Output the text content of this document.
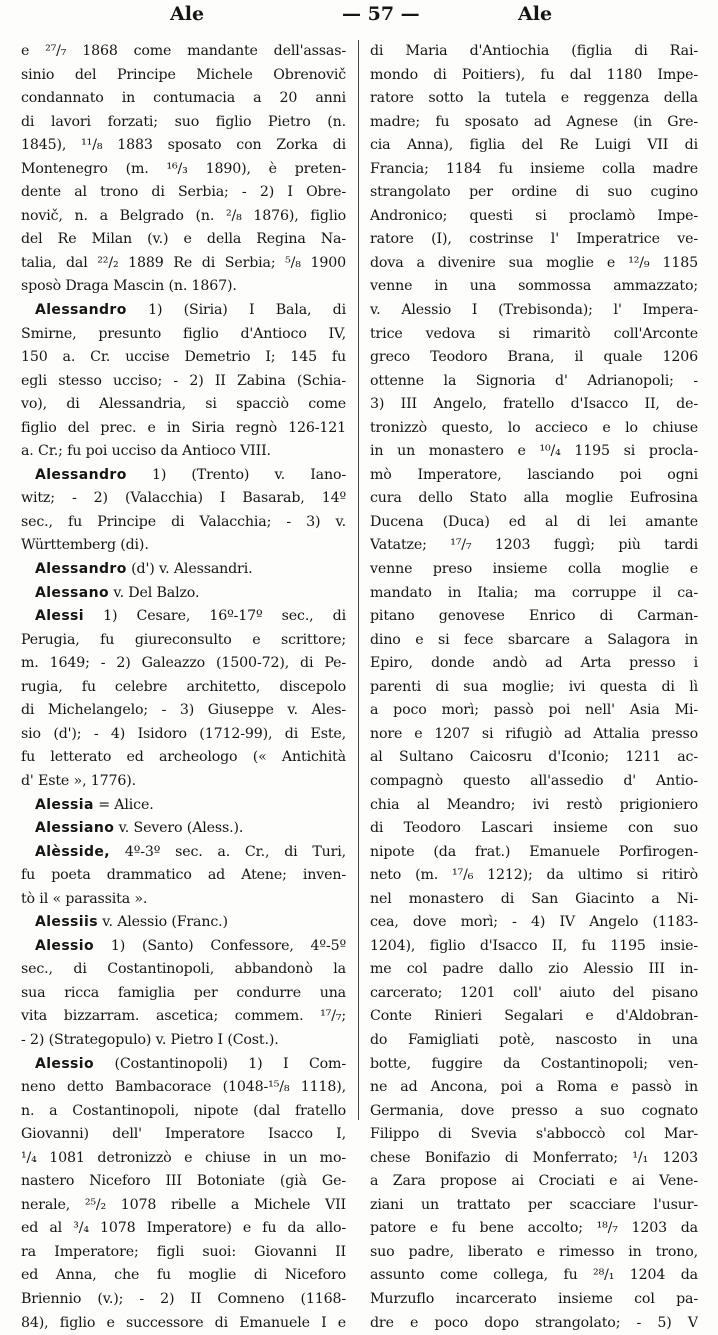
Ale	— 57 —	Ale
e ²⁷/₇ 1868 come mandante dell'assas-
sinio del Principe Michele Obrenovič
condannato in contumacia a 20 anni
di lavori forzati; suo figlio Pietro (n.
1845), ¹¹/₈ 1883 sposato con Zorka di
Montenegro (m. ¹⁶/₃ 1890), è preten-
dente al trono di Serbia; - 2) I Obre-
novič, n. a Belgrado (n. ²/₈ 1876), figlio
del Re Milan (v.) e della Regina Na-
talia, dal ²²/₂ 1889 Re di Serbia; ⁵/₈ 1900
sposò Draga Mascin (n. 1867).
Alessandro 1) (Siria) I Bala, di
Smirne, presunto figlio d'Antioco IV,
150 a. Cr. uccise Demetrio I; 145 fu
egli stesso ucciso; - 2) II Zabina (Schia-
vo), di Alessandria, si spacciò come
figlio del prec. e in Siria regnò 126-121
a. Cr.; fu poi ucciso da Antioco VIII.
Alessandro 1) (Trento) v. Iano-
witz; - 2) (Valacchia) I Basarab, 14º
sec., fu Principe di Valacchia; - 3) v.
Württemberg (di).
Alessandro (d') v. Alessandri.
Alessano v. Del Balzo.
Alessi 1) Cesare, 16º-17º sec., di
Perugia, fu giureconsulto e scrittore;
m. 1649; - 2) Galeazzo (1500-72), di Pe-
rugia, fu celebre architetto, discepolo
di Michelangelo; - 3) Giuseppe v. Ales-
sio (d'); - 4) Isidoro (1712-99), di Este,
fu letterato ed archeologo (« Antichità
d' Este », 1776).
Alessia = Alice.
Alessiano v. Severo (Aless.).
Alèsside, 4º-3º sec. a. Cr., di Turi,
fu poeta drammatico ad Atene; inven-
tò il « parassita ».
Alessiis v. Alessio (Franc.)
Alessio 1) (Santo) Confessore, 4º-5º
sec., di Costantinopoli, abbandonò la
sua ricca famiglia per condurre una
vita bizzarram. ascetica; commem. ¹⁷/₇;
- 2) (Strategopulo) v. Pietro I (Cost.).
Alessio (Costantinopoli) 1) I Com-
neno detto Bambacorace (1048-¹⁵/₈ 1118),
n. a Costantinopoli, nipote (dal fratello
Giovanni) dell' Imperatore Isacco I,
¹/₄ 1081 detronizzò e chiuse in un mo-
nastero Niceforo III Botoniate (già Ge-
nerale, ²⁵/₂ 1078 ribelle a Michele VII
ed al ³/₄ 1078 Imperatore) e fu da allo-
ra Imperatore; figli suoi: Giovanni II
ed Anna, che fu moglie di Niceforo
Briennio (v.); - 2) II Comneno (1168-
84), figlio e successore di Emanuele I e
di Maria d'Antiochia (figlia di Rai-
mondo di Poitiers), fu dal 1180 Impe-
ratore sotto la tutela e reggenza della
madre; fu sposato ad Agnese (in Gre-
cia Anna), figlia del Re Luigi VII di
Francia; 1184 fu insieme colla madre
strangolato per ordine di suo cugino
Andronico; questi si proclamò Impe-
ratore (I), costrinse l' Imperatrice ve-
dova a divenire sua moglie e ¹²/₉ 1185
venne in una sommossa ammazzato;
v. Alessio I (Trebisonda); l' Impera-
trice vedova si rimaritò coll'Arconte
greco Teodoro Brana, il quale 1206
ottenne la Signoria d' Adrianopoli; -
3) III Angelo, fratello d'Isacco II, de-
tronizzò questo, lo accieco e lo chiuse
in un monastero e ¹⁰/₄ 1195 si procla-
mò Imperatore, lasciando poi ogni
cura dello Stato alla moglie Eufrosina
Ducena (Duca) ed al di lei amante
Vatatze; ¹⁷/₇ 1203 fuggì; più tardi
venne preso insieme colla moglie e
mandato in Italia; ma corruppe il ca-
pitano genovese Enrico di Carman-
dino e si fece sbarcare a Salagora in
Epiro, donde andò ad Arta presso i
parenti di sua moglie; ivi questa di lì
a poco morì; passò poi nell' Asia Mi-
nore e 1207 si rifugiò ad Attalia presso
al Sultano Caicosru d'Iconio; 1211 ac-
compagnò questo all'assedio d' Antio-
chia al Meandro; ivi restò prigioniero
di Teodoro Lascari insieme con suo
nipote (da frat.) Emanuele Porfirogen-
neto (m. ¹⁷/₆ 1212); da ultimo si ritirò
nel monastero di San Giacinto a Ni-
cea, dove morì; - 4) IV Angelo (1183-
1204), figlio d'Isacco II, fu 1195 insie-
me col padre dallo zio Alessio III in-
carcerato; 1201 coll' aiuto del pisano
Conte Rinieri Segalari e d'Aldobran-
do Famigliati potè, nascosto in una
botte, fuggire da Costantinopoli; ven-
ne ad Ancona, poi a Roma e passò in
Germania, dove presso a suo cognato
Filippo di Svevia s'abboccò col Mar-
chese Bonifazio di Monferrato; ¹/₁ 1203
a Zara propose ai Crociati e ai Vene-
ziani un trattato per scacciare l'usur-
patore e fu bene accolto; ¹⁸/₇ 1203 da
suo padre, liberato e rimesso in trono,
assunto come collega, fu ²⁸/₁ 1204 da
Murzuflo incarcerato insieme col pa-
dre e poco dopo strangolato; - 5) V
